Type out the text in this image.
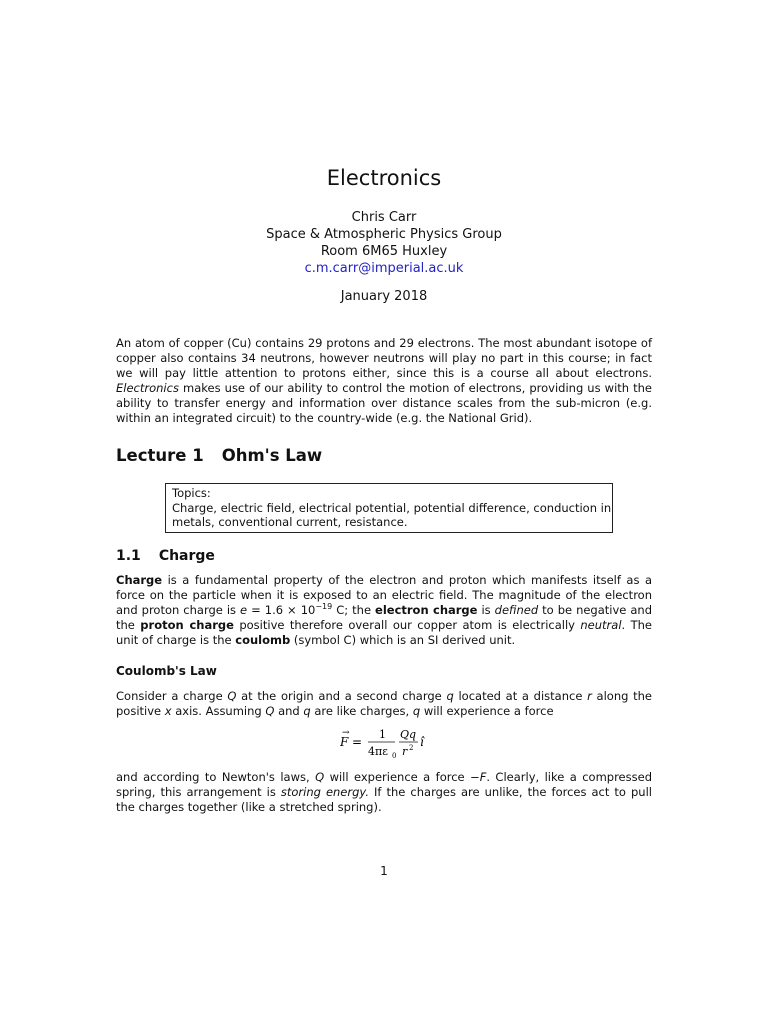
Electronics
Chris Carr
Space & Atmospheric Physics Group
Room 6M65 Huxley
c.m.carr@imperial.ac.uk
January 2018

An atom of copper (Cu) contains 29 protons and 29 electrons. The most abundant isotope of copper also contains 34 neutrons, however neutrons will play no part in this course; in fact we will pay little attention to protons either, since this is a course all about electrons. Electronics makes use of our ability to control the motion of electrons, providing us with the ability to transfer energy and information over distance scales from the sub-micron (e.g. within an integrated circuit) to the country-wide (e.g. the National Grid).

Lecture 1 Ohm's Law
Topics:
Charge, electric field, electrical potential, potential difference, conduction in
metals, conventional current, resistance.
1.1 Charge

Charge is a fundamental property of the electron and proton which manifests itself as a force on the particle when it is exposed to an electric field. The magnitude of the electron and proton charge is $e = 1.6 \times 10^{-19}$ C; the electron charge is defined to be negative and the proton charge positive therefore overall our copper atom is electrically neutral. The unit of charge is the coulomb (symbol C) which is an SI derived unit.

Coulomb's Law

Consider a charge Q at the origin and a second charge q located at a distance r along the positive x axis. Assuming Q and q are like charges, q will experience a force

F
→
=
1
4πε 0
Qq
r 2 î

and according to Newton's laws, Q will experience a force −F. Clearly, like a compressed spring, this arrangement is storing energy. If the charges are unlike, the forces act to pull the charges together (like a stretched spring).

1
